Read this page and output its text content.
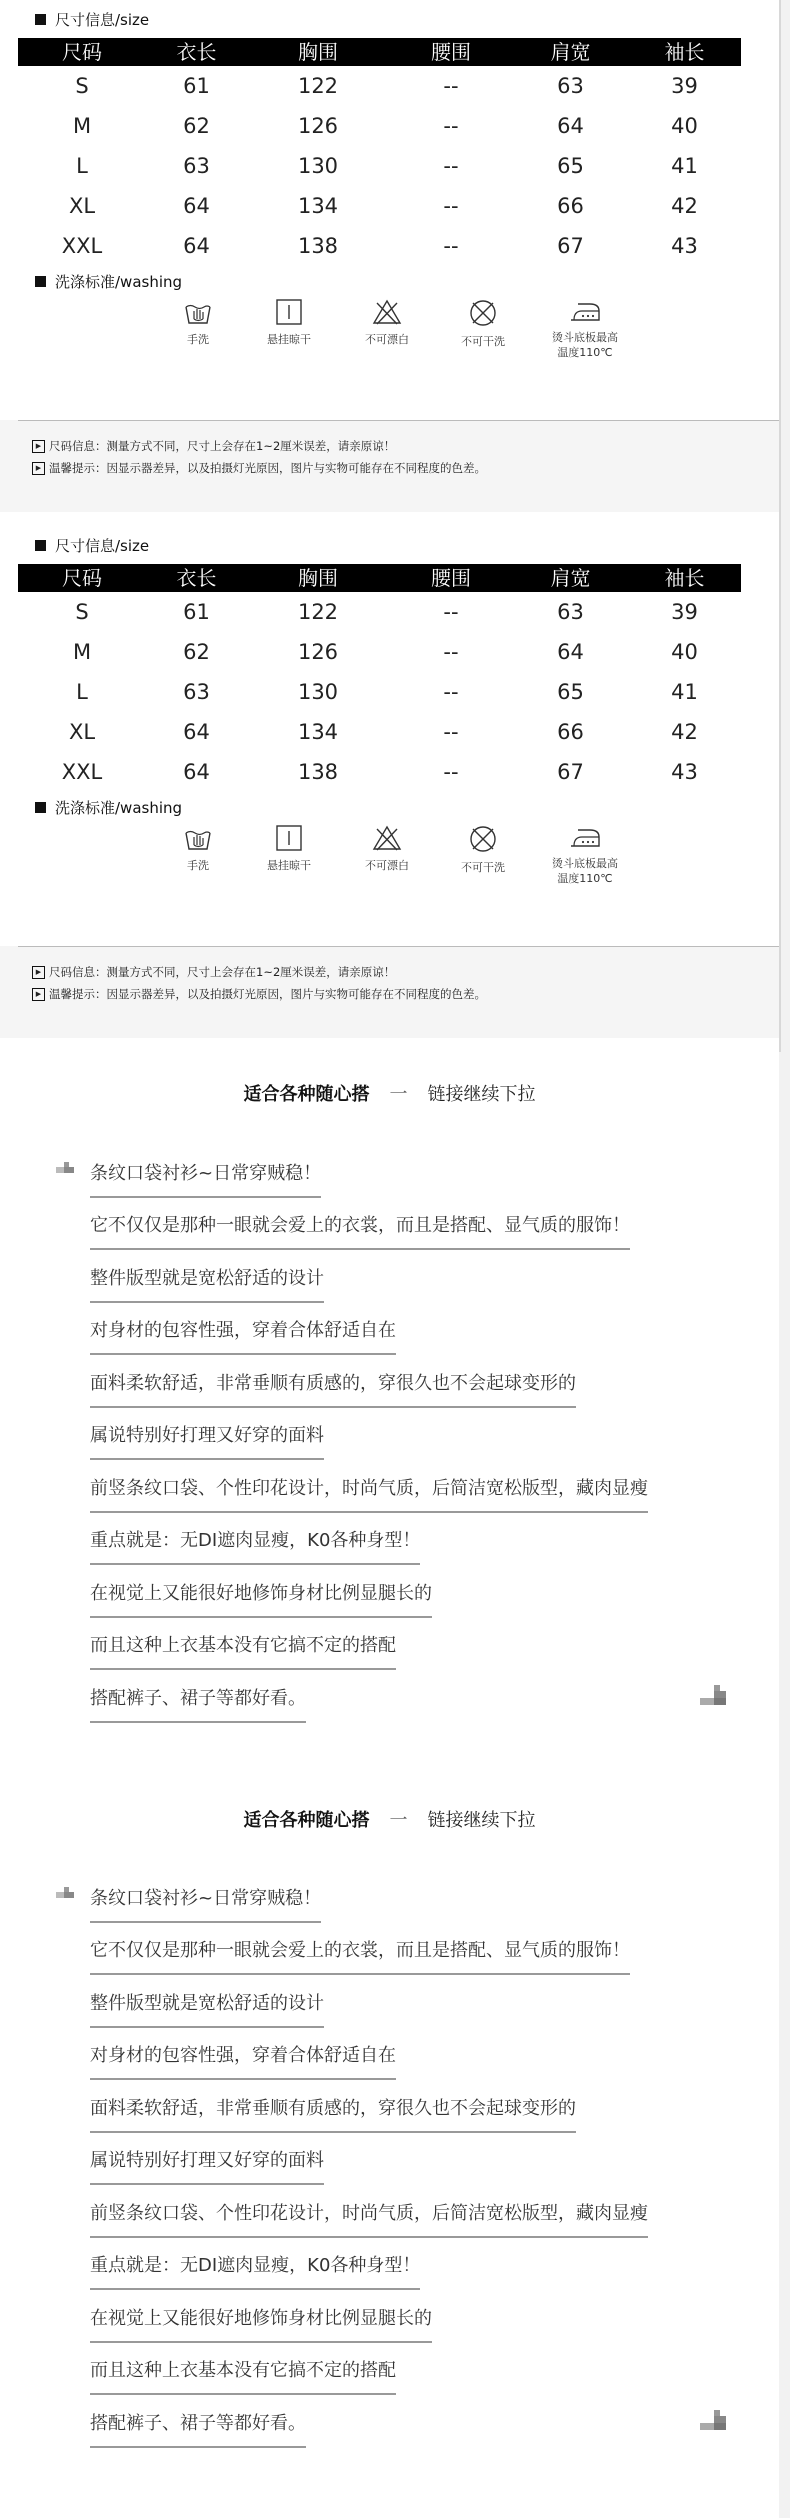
尺寸信息/size
尺码	衣长	胸围	腰围	肩宽	袖长
S	61	122	--	63	39
M	62	126	--	64	40
L	63	130	--	65	41
XL	64	134	--	66	42
XXL	64	138	--	67	43
洗涤标准/washing
手洗	悬挂晾干	不可漂白	不可干洗	烫斗底板最高
温度110℃
▶ 尺码信息：测量方式不同，尺寸上会存在1~2厘米误差，请亲原谅！
▶ 温馨提示：因显示器差异，以及拍摄灯光原因，图片与实物可能存在不同程度的色差。
尺寸信息/size
尺码	衣长	胸围	腰围	肩宽	袖长
S	61	122	--	63	39
M	62	126	--	64	40
L	63	130	--	65	41
XL	64	134	--	66	42
XXL	64	138	--	67	43
洗涤标准/washing
手洗	悬挂晾干	不可漂白	不可干洗	烫斗底板最高
温度110℃
▶ 尺码信息：测量方式不同，尺寸上会存在1~2厘米误差，请亲原谅！
▶ 温馨提示：因显示器差异，以及拍摄灯光原因，图片与实物可能存在不同程度的色差。
适合各种随心搭 一 链接继续下拉
条纹口袋衬衫~日常穿贼稳！
它不仅仅是那种一眼就会爱上的衣裳，而且是搭配、显气质的服饰！
整件版型就是宽松舒适的设计
对身材的包容性强，穿着合体舒适自在
面料柔软舒适，非常垂顺有质感的，穿很久也不会起球变形的
属说特别好打理又好穿的面料
前竖条纹口袋、个性印花设计，时尚气质，后简洁宽松版型，藏肉显瘦
重点就是：无DI遮肉显瘦，K0各种身型！
在视觉上又能很好地修饰身材比例显腿长的
而且这种上衣基本没有它搞不定的搭配
搭配裤子、裙子等都好看。
适合各种随心搭 一 链接继续下拉
条纹口袋衬衫~日常穿贼稳！
它不仅仅是那种一眼就会爱上的衣裳，而且是搭配、显气质的服饰！
整件版型就是宽松舒适的设计
对身材的包容性强，穿着合体舒适自在
面料柔软舒适，非常垂顺有质感的，穿很久也不会起球变形的
属说特别好打理又好穿的面料
前竖条纹口袋、个性印花设计，时尚气质，后简洁宽松版型，藏肉显瘦
重点就是：无DI遮肉显瘦，K0各种身型！
在视觉上又能很好地修饰身材比例显腿长的
而且这种上衣基本没有它搞不定的搭配
搭配裤子、裙子等都好看。
